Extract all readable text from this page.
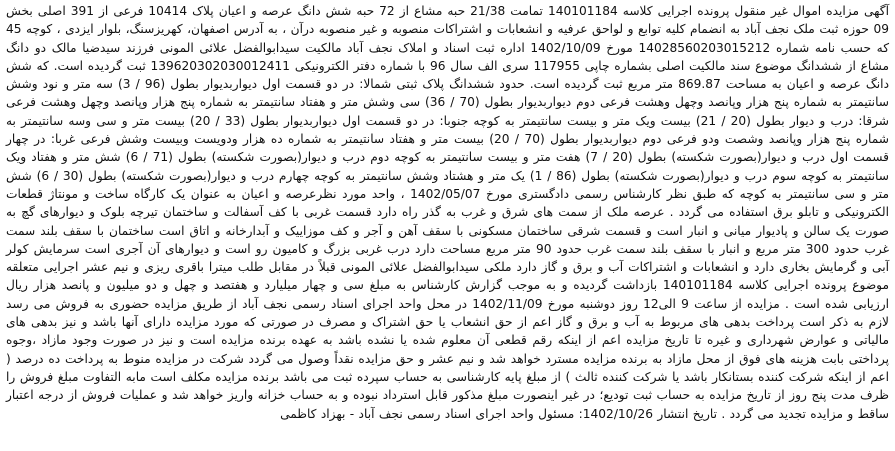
آگهی مزایده اموال غیر منقول پرونده اجرایی کلاسه 140101184 تمامت 21/38 حبه مشاع از 72 حبه شش دانگ عرصه و اعیان پلاک 10414 فرعی از 391 اصلی بخش 09 حوزه ثبت ملک نجف آباد به انضمام کلیه توابع و لواحق عرفیه و انشعابات و اشتراکات منصوبه و غیر منصوبه درآن ، به آدرس اصفهان، کهریزسنگ، بلوار ایزدی ، کوچه 45 که حسب نامه شماره 14028560203015212 مورخ 1402/10/09 اداره ثبت اسناد و املاک نجف آباد مالکیت سیدابوالفضل علائی المونی فرزند سیدضیا مالک دو دانگ مشاع از ششدانگ موضوع سند مالکیت اصلی بشماره چاپی 117955 سری الف سال 96 با شماره دفتر الکترونیکی 139620302030012411 ثبت گردیده است. که شش دانگ عرصه و اعیان به مساحت 869.87 متر مربع ثبت گردیده است. حدود ششدانگ پلاک ثبتی شمالا: در دو قسمت اول دیواربدیوار بطول (96 / 3) سه متر و نود وشش سانتیمتر به شماره پنج هزار وپانصد وچهل وهشت فرعی دوم دیواربدیوار بطول (70 / 36) سی وشش متر و هفتاد سانتیمتر به شماره پنج هزار وپانصد وچهل وهشت فرعی شرقا: درب و دیوار بطول (20 / 21) بیست ویک متر و بیست سانتیمتر به کوچه جنوبا: در دو قسمت اول دیواربدیوار بطول (33 / 20) بیست متر و سی وسه سانتیمتر به شماره پنج هزار وپانصد وشصت ودو فرعی دوم دیواربدیوار بطول (70 / 20) بیست متر و هفتاد سانتیمتر به شماره ده هزار ودویست وبیست وشش فرعی غربا: در چهار قسمت اول درب و دیوار(بصورت شکسته) بطول (20 / 7) هفت متر و بیست سانتیمتر به کوچه دوم درب و دیوار(بصورت شکسته) بطول (71 / 6) شش متر و هفتاد ویک سانتیمتر به کوچه سوم درب و دیوار(بصورت شکسته) بطول (86 / 1) یک متر و هشتاد وشش سانتیمتر به کوچه چهارم درب و دیوار(بصورت شکسته) بطول (30 / 6) شش متر و سی سانتیمتر به کوچه که طبق نظر کارشناس رسمی دادگستری مورخ 1402/05/07 ، واحد مورد نظرعرصه و اعیان به عنوان یک کارگاه ساخت و مونتاژ قطعات الکترونیکی و تابلو برق استفاده می گردد . عرصه ملک از سمت های شرق و غرب به گذر راه دارد قسمت غربی با کف آسفالت و ساختمان تیرچه بلوک و دیوارهای گچ به صورت یک سالن و پادیوار میانی و انبار است و قسمت شرقی ساختمان مسکونی با سقف آهن و آجر و کف موزاییک و آبدارخانه و اتاق است ساختمان با سقف بلند سمت غرب حدود 300 متر مربع و انبار با سقف بلند سمت غرب حدود 90 متر مربع مساحت دارد درب غربی بزرگ و کامیون رو است و دیوارهای آن آجری است سرمایش کولر آبی و گرمایش بخاری دارد و انشعابات و اشتراکات آب و برق و گاز دارد ملکی سیدابوالفضل علائی المونی قبلاً در مقابل طلب میترا باقری ریزی و نیم عشر اجرایی متعلقه موضوع پرونده اجرایی کلاسه 140101184 بازداشت گردیده و به موجب گزارش کارشناس به مبلغ سی و چهار میلیارد و هفتصد و چهل و دو میلیون و پانصد هزار ریال ارزیابی شده است . مزایده از ساعت 9 الی12 روز دوشنبه مورخ 1402/11/09 در محل واحد اجرای اسناد رسمی نجف آباد از طریق مزایده حضوری به فروش می رسد لازم به ذکر است پرداخت بدهی های مربوط به آب و برق و گاز اعم از حق انشعاب یا حق اشتراک و مصرف در صورتی که مورد مزایده دارای آنها باشد و نیز بدهی های مالیاتی و عوارض شهرداری و غیره تا تاریخ مزایده اعم از اینکه رقم قطعی آن معلوم شده یا نشده باشد به عهده برنده مزایده است و نیز در صورت وجود مازاد ،وجوه پرداختی بابت هزینه های فوق از محل مازاد به برنده مزایده مسترد خواهد شد و نیم عشر و حق مزایده نقداً وصول می گردد شرکت در مزایده منوط به پرداخت ده درصد ( اعم از اینکه شرکت کننده بستانکار باشد یا شرکت کننده ثالث ) از مبلغ پایه کارشناسی به حساب سپرده ثبت می باشد برنده مزایده مکلف است مابه التفاوت مبلغ فروش را ظرف مدت پنج روز از تاریخ مزایده به حساب ثبت تودیع؛ در غیر اینصورت مبلغ مذکور قابل استرداد نبوده و به حساب خزانه واریز خواهد شد و عملیات فروش از درجه اعتبار ساقط و مزایده تجدید می گردد . تاریخ انتشار 1402/10/26: مسئول واحد اجرای اسناد رسمی نجف آباد - بهزاد کاظمی
